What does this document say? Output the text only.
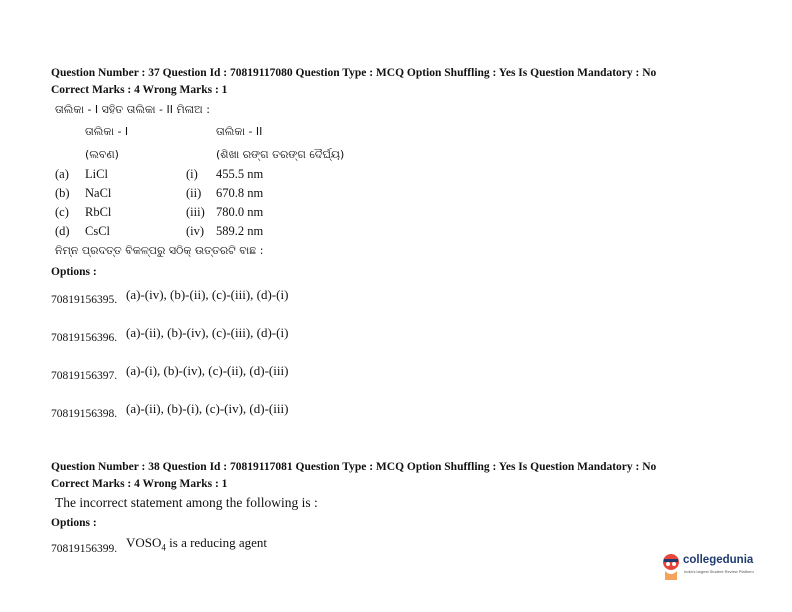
Question Number : 37 Question Id : 70819117080 Question Type : MCQ Option Shuffling : Yes Is Question Mandatory : No
Correct Marks : 4 Wrong Marks : 1
ତାଲିକା - I ସହିତ ତାଲିକା - II ମିଳାଅ :
ତାଲିକା - I	ତାଲିକା - II
(ଲବଣ)	(ଶିଖା ରଙ୍ଗ ତରଙ୍ଗ ଦୈର୍ଘ୍ୟ)
(a) LiCl	(i) 455.5 nm
(b) NaCl	(ii) 670.8 nm
(c) RbCl	(iii) 780.0 nm
(d) CsCl	(iv) 589.2 nm
ନିମ୍ନ ପ୍ରଦତ୍ତ ବିକଳ୍ପରୁ ସଠିକ୍ ଉତ୍ତରଟି ବାଛ :
Options :
70819156395. (a)-(iv), (b)-(ii), (c)-(iii), (d)-(i)
70819156396. (a)-(ii), (b)-(iv), (c)-(iii), (d)-(i)
70819156397. (a)-(i), (b)-(iv), (c)-(ii), (d)-(iii)
70819156398. (a)-(ii), (b)-(i), (c)-(iv), (d)-(iii)
Question Number : 38 Question Id : 70819117081 Question Type : MCQ Option Shuffling : Yes Is Question Mandatory : No
Correct Marks : 4 Wrong Marks : 1
The incorrect statement among the following is :
Options :
70819156399. $VOSO_4$ is a reducing agent
collegedunia
India's largest Student Review Platform
